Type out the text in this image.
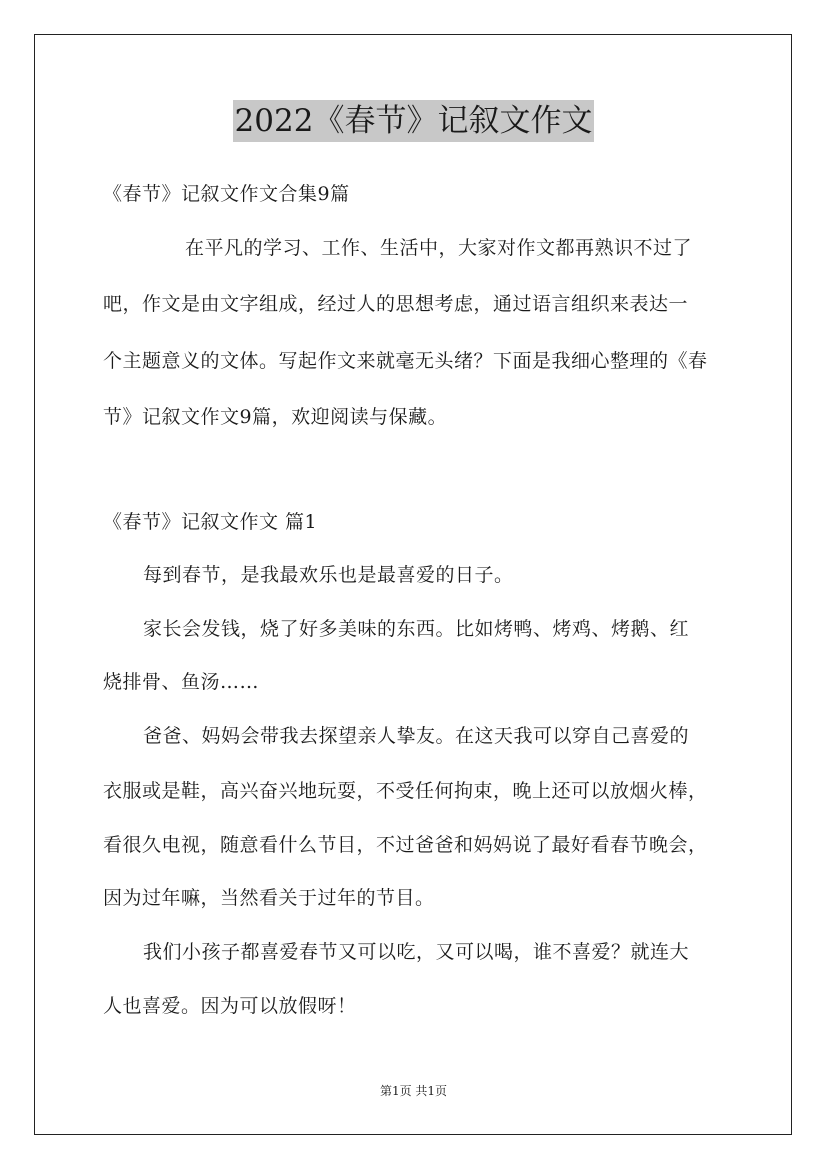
2022《春节》记叙文作文
《春节》记叙文作文合集9篇
在平凡的学习、工作、生活中，大家对作文都再熟识不过了
吧，作文是由文字组成，经过人的思想考虑，通过语言组织来表达一
个主题意义的文体。写起作文来就毫无头绪？下面是我细心整理的《春
节》记叙文作文9篇，欢迎阅读与保藏。
《春节》记叙文作文 篇1
每到春节，是我最欢乐也是最喜爱的日子。
家长会发钱，烧了好多美味的东西。比如烤鸭、烤鸡、烤鹅、红
烧排骨、鱼汤……
爸爸、妈妈会带我去探望亲人挚友。在这天我可以穿自己喜爱的
衣服或是鞋，高兴奋兴地玩耍，不受任何拘束，晚上还可以放烟火棒，
看很久电视，随意看什么节目，不过爸爸和妈妈说了最好看春节晚会，
因为过年嘛，当然看关于过年的节目。
我们小孩子都喜爱春节又可以吃，又可以喝，谁不喜爱？就连大
人也喜爱。因为可以放假呀！
第1页 共1页
